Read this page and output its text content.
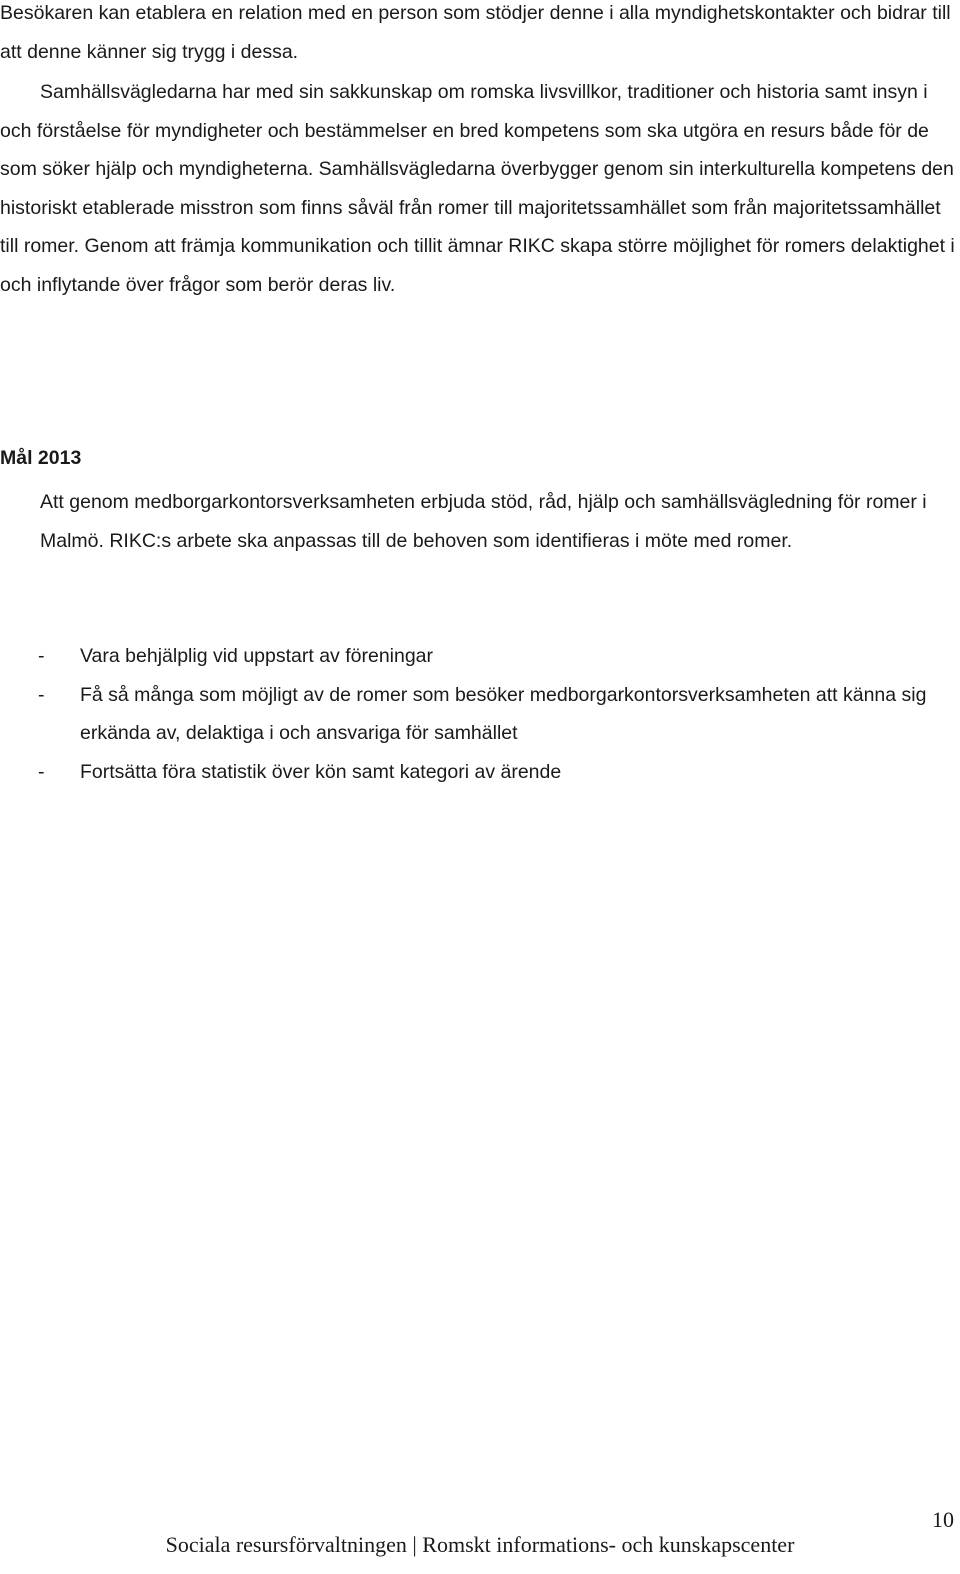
Besökaren kan etablera en relation med en person som stödjer denne i alla myndighetskontakter och bidrar till att denne känner sig trygg i dessa.

Samhällsvägledarna har med sin sakkunskap om romska livsvillkor, traditioner och historia samt insyn i och förståelse för myndigheter och bestämmelser en bred kompetens som ska utgöra en resurs både för de som söker hjälp och myndigheterna. Samhällsvägledarna överbygger genom sin interkulturella kompetens den historiskt etablerade misstron som finns såväl från romer till majoritetssamhället som från majoritetssamhället till romer. Genom att främja kommunikation och tillit ämnar RIKC skapa större möjlighet för romers delaktighet i och inflytande över frågor som berör deras liv.

Mål 2013

Att genom medborgarkontorsverksamheten erbjuda stöd, råd, hjälp och samhällsvägledning för romer i Malmö. RIKC:s arbete ska anpassas till de behoven som identifieras i möte med romer.

- Vara behjälplig vid uppstart av föreningar
- Få så många som möjligt av de romer som besöker medborgarkontorsverksamheten att känna sig erkända av, delaktiga i och ansvariga för samhället
- Fortsätta föra statistik över kön samt kategori av ärende
10
Sociala resursförvaltningen | Romskt informations- och kunskapscenter
